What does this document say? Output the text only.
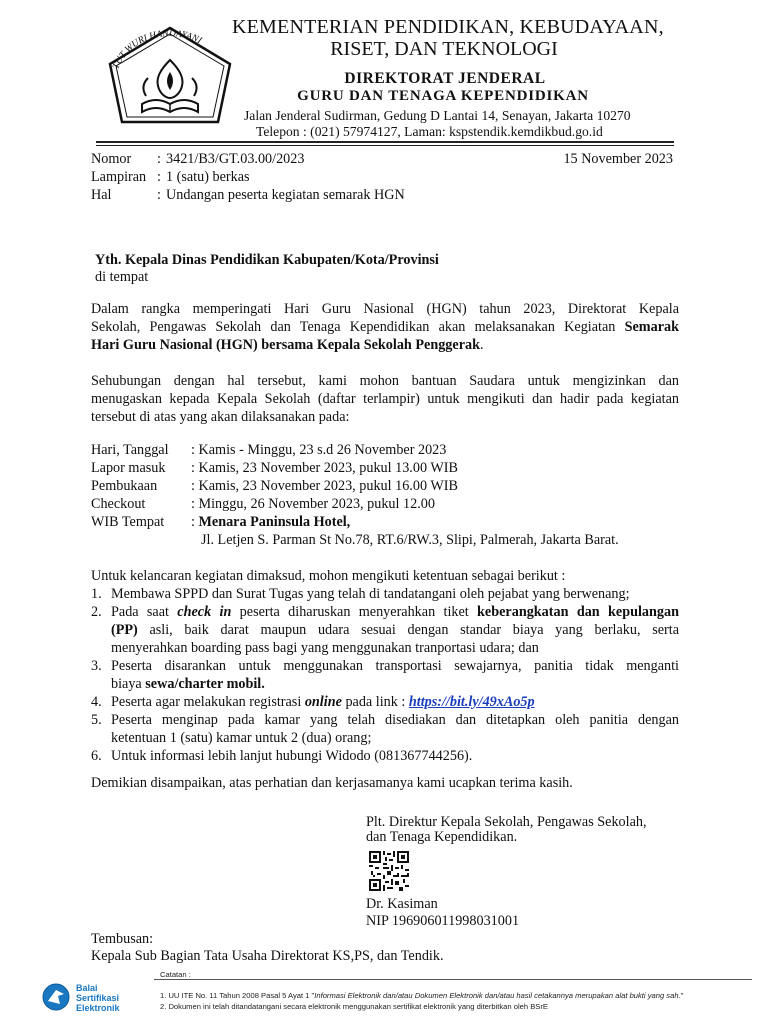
TUT WURI HANDAYANI
KEMENTERIAN PENDIDIKAN, KEBUDAYAAN,
RISET, DAN TEKNOLOGI
DIREKTORAT JENDERAL
GURU DAN TENAGA KEPENDIDIKAN
Jalan Jenderal Sudirman, Gedung D Lantai 14, Senayan, Jakarta 10270
Telepon : (021) 57974127, Laman: kspstendik.kemdikbud.go.id
Nomor : 3421/B3/GT.03.00/2023	15 November 2023
Lampiran : 1 (satu) berkas
Hal	: Undangan peserta kegiatan semarak HGN
Yth. Kepala Dinas Pendidikan Kabupaten/Kota/Provinsi
di tempat
Dalam rangka memperingati Hari Guru Nasional (HGN) tahun 2023, Direktorat Kepala
Sekolah, Pengawas Sekolah dan Tenaga Kependidikan akan melaksanakan Kegiatan Semarak
Hari Guru Nasional (HGN) bersama Kepala Sekolah Penggerak.
Sehubungan dengan hal tersebut, kami mohon bantuan Saudara untuk mengizinkan dan
menugaskan kepada Kepala Sekolah (daftar terlampir) untuk mengikuti dan hadir pada kegiatan
tersebut di atas yang akan dilaksanakan pada:
Hari, Tanggal : Kamis - Minggu, 23 s.d 26 November 2023
Lapor masuk : Kamis, 23 November 2023, pukul 13.00 WIB
Pembukaan : Kamis, 23 November 2023, pukul 16.00 WIB
Checkout	: Minggu, 26 November 2023, pukul 12.00
WIB Tempat : Menara Paninsula Hotel,
Jl. Letjen S. Parman St No.78, RT.6/RW.3, Slipi, Palmerah, Jakarta Barat.
Untuk kelancaran kegiatan dimaksud, mohon mengikuti ketentuan sebagai berikut :
1. Membawa SPPD dan Surat Tugas yang telah di tandatangani oleh pejabat yang berwenang;
2. Pada saat check in peserta diharuskan menyerahkan tiket keberangkatan dan kepulangan
(PP) asli, baik darat maupun udara sesuai dengan standar biaya yang berlaku, serta
menyerahkan boarding pass bagi yang menggunakan tranportasi udara; dan
3. Peserta disarankan untuk menggunakan transportasi sewajarnya, panitia tidak menganti
biaya sewa/charter mobil.
4. Peserta agar melakukan registrasi online pada link : https://bit.ly/49xAo5p
5. Peserta menginap pada kamar yang telah disediakan dan ditetapkan oleh panitia dengan
ketentuan 1 (satu) kamar untuk 2 (dua) orang;
6. Untuk informasi lebih lanjut hubungi Widodo (081367744256).
Demikian disampaikan, atas perhatian dan kerjasamanya kami ucapkan terima kasih.
Plt. Direktur Kepala Sekolah, Pengawas Sekolah,
dan Tenaga Kependidikan.
Dr. Kasiman
NIP 196906011998031001
Tembusan:
Kepala Sub Bagian Tata Usaha Direktorat KS,PS, dan Tendik.
Catatan :
1. UU ITE No. 11 Tahun 2008 Pasal 5 Ayat 1 "Informasi Elektronik dan/atau Dokumen Elektronik dan/atau hasil cetakannya merupakan alat bukti yang sah."
2. Dokumen ini telah ditandatangani secara elektronik menggunakan sertifikat elektronik yang diterbitkan oleh BSrE
Balai
Sertifikasi
Elektronik
